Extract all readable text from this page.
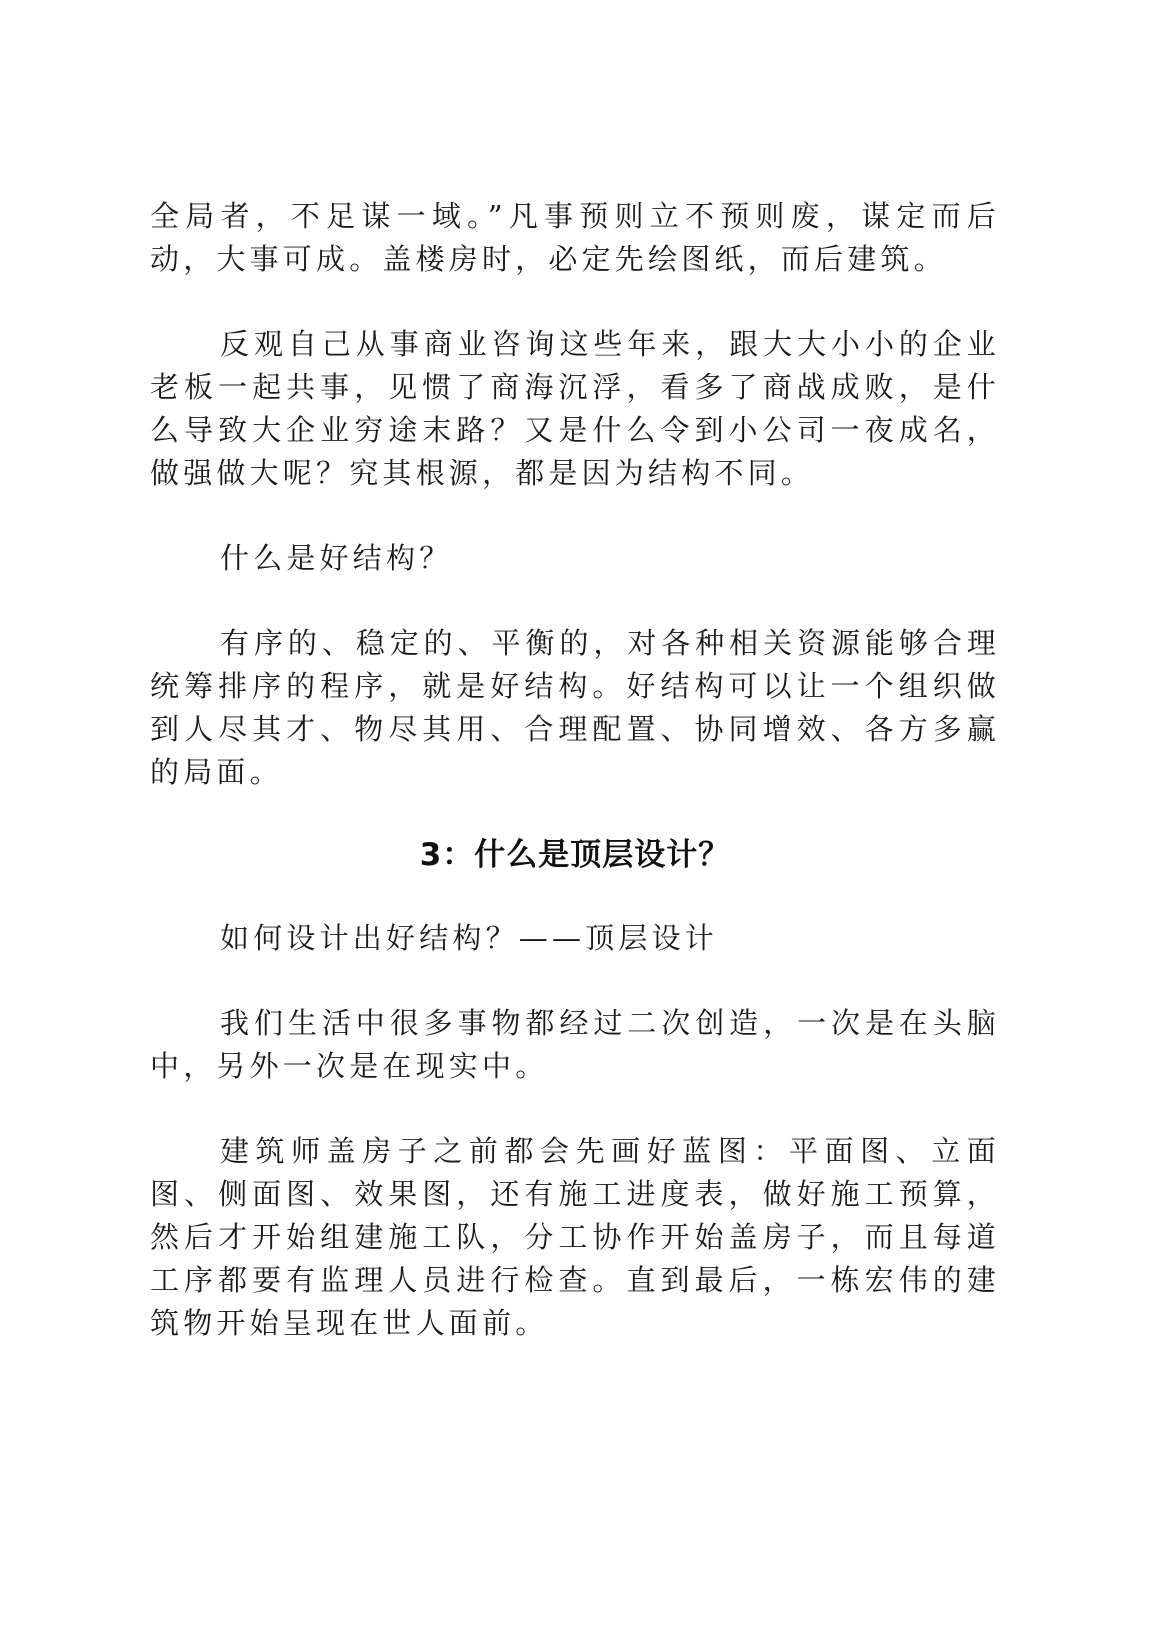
全局者，不足谋一域。”凡事预则立不预则废，谋定而后动，大事可成。盖楼房时，必定先绘图纸，而后建筑。

反观自己从事商业咨询这些年来，跟大大小小的企业老板一起共事，见惯了商海沉浮，看多了商战成败，是什么导致大企业穷途末路？又是什么令到小公司一夜成名，做强做大呢？究其根源，都是因为结构不同。

什么是好结构？

有序的、稳定的、平衡的，对各种相关资源能够合理统筹排序的程序，就是好结构。好结构可以让一个组织做到人尽其才、物尽其用、合理配置、协同增效、各方多赢的局面。

3：什么是顶层设计？

如何设计出好结构？——顶层设计

我们生活中很多事物都经过二次创造，一次是在头脑中，另外一次是在现实中。

建筑师盖房子之前都会先画好蓝图：平面图、立面图、侧面图、效果图，还有施工进度表，做好施工预算，然后才开始组建施工队，分工协作开始盖房子，而且每道工序都要有监理人员进行检查。直到最后，一栋宏伟的建筑物开始呈现在世人面前。
